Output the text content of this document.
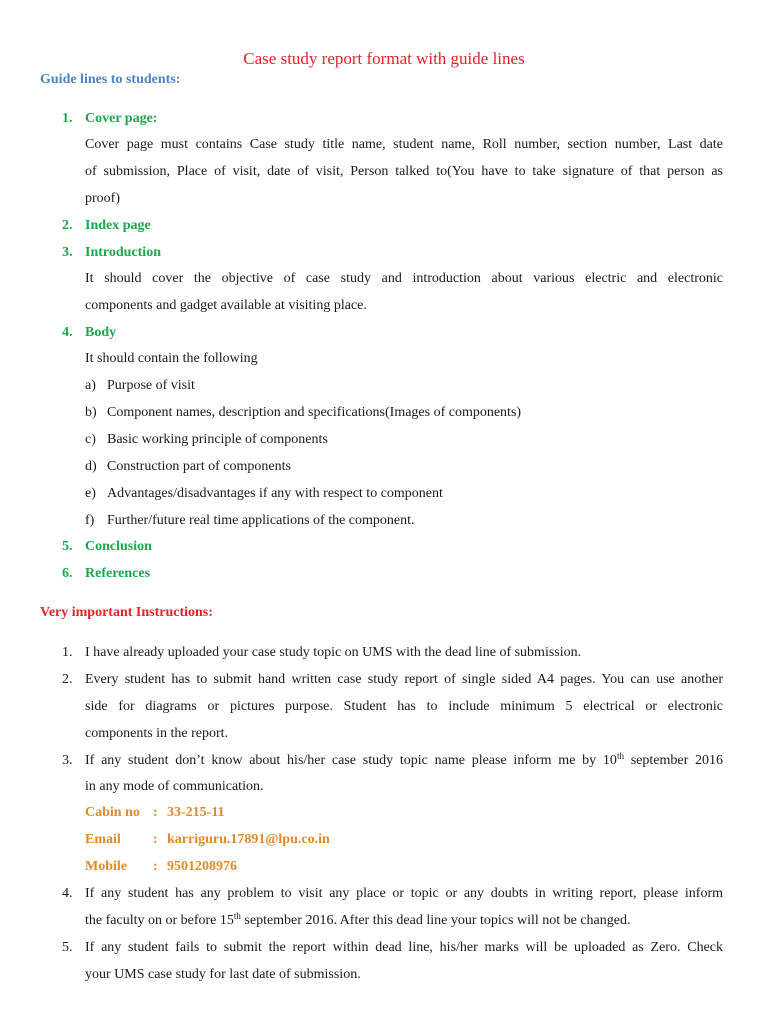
Case study report format with guide lines
Guide lines to students:
1. Cover page:
Cover page must contains Case study title name, student name, Roll number, section number, Last date
of submission, Place of visit, date of visit, Person talked to(You have to take signature of that person as
proof)
2. Index page
3. Introduction
It should cover the objective of case study and introduction about various electric and electronic
components and gadget available at visiting place.
4. Body
It should contain the following
a) Purpose of visit
b) Component names, description and specifications(Images of components)
c) Basic working principle of components
d) Construction part of components
e) Advantages/disadvantages if any with respect to component
f) Further/future real time applications of the component.
5. Conclusion
6. References
Very important Instructions:
1. I have already uploaded your case study topic on UMS with the dead line of submission.
2. Every student has to submit hand written case study report of single sided A4 pages. You can use another
side for diagrams or pictures purpose. Student has to include minimum 5 electrical or electronic
components in the report.
3. If any student don’t know about his/her case study topic name please inform me by 10th september 2016
in any mode of communication.
Cabin no : 33-215-11
Email	: karriguru.17891@lpu.co.in
Mobile	: 9501208976
4. If any student has any problem to visit any place or topic or any doubts in writing report, please inform
the faculty on or before 15th september 2016. After this dead line your topics will not be changed.
5. If any student fails to submit the report within dead line, his/her marks will be uploaded as Zero. Check
your UMS case study for last date of submission.
